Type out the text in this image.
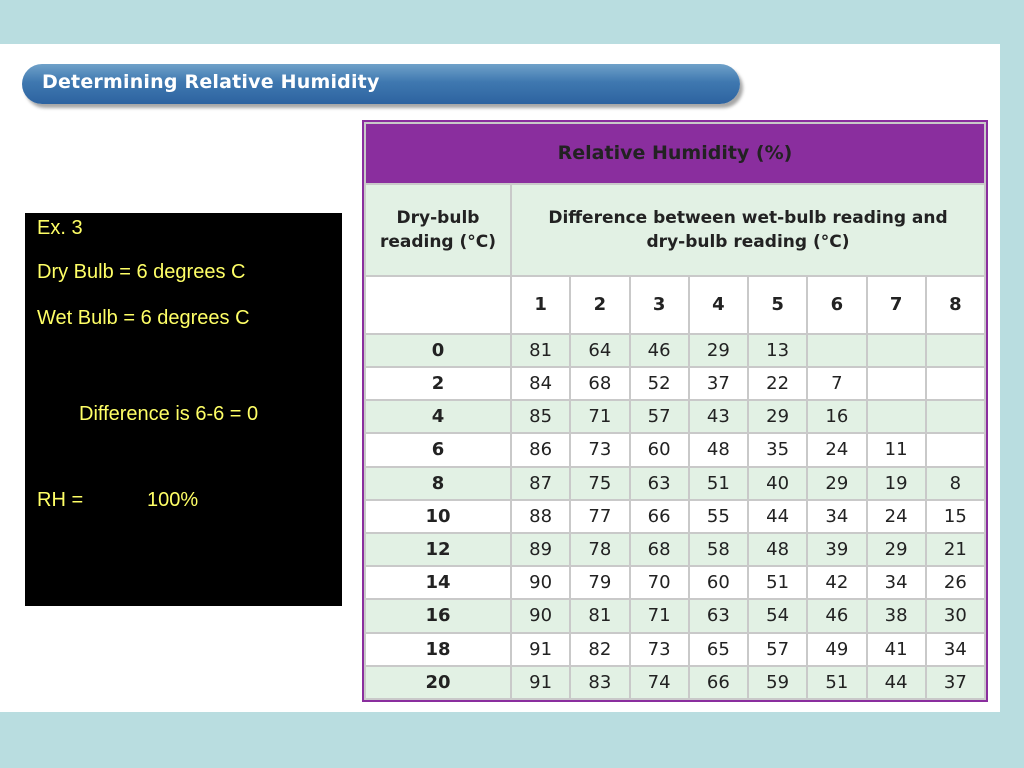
Determining Relative Humidity
Ex. 3
Dry Bulb = 6 degrees C
Wet Bulb = 6 degrees C
Difference is 6-6 = 0
RH =	100%
Relative Humidity (%)								
Dry-bulb reading (°C)	Difference between wet-bulb reading and dry-bulb reading (°C)							
	1	2	3	4	5	6	7	8
0	81	64	46	29	13			
2	84	68	52	37	22	7		
4	85	71	57	43	29	16		
6	86	73	60	48	35	24	11	
8	87	75	63	51	40	29	19	8
10	88	77	66	55	44	34	24	15
12	89	78	68	58	48	39	29	21
14	90	79	70	60	51	42	34	26
16	90	81	71	63	54	46	38	30
18	91	82	73	65	57	49	41	34
20	91	83	74	66	59	51	44	37
